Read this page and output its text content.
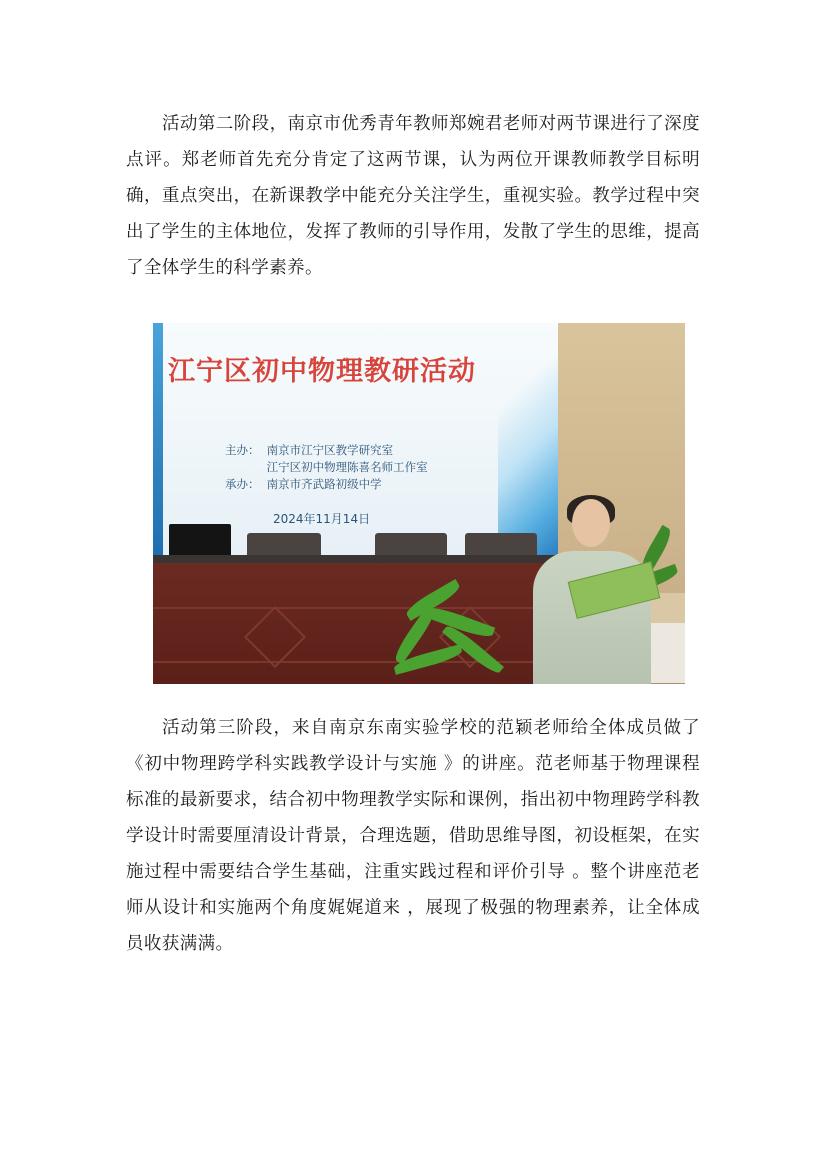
活动第二阶段，南京市优秀青年教师郑婉君老师对两节课进行了深度点评。郑老师首先充分肯定了这两节课，认为两位开课教师教学目标明确，重点突出，在新课教学中能充分关注学生，重视实验。教学过程中突出了学生的主体地位，发挥了教师的引导作用，发散了学生的思维，提高了全体学生的科学素养。

江宁区初中物理教研活动
主办： 南京市江宁区教学研究室
江宁区初中物理陈喜名师工作室
承办： 南京市齐武路初级中学
2024年11月14日

活动第三阶段，来自南京东南实验学校的范颖老师给全体成员做了《初中物理跨学科实践教学设计与实施 》的讲座。范老师基于物理课程标准的最新要求，结合初中物理教学实际和课例，指出初中物理跨学科教学设计时需要厘清设计背景，合理选题，借助思维导图，初设框架，在实施过程中需要结合学生基础，注重实践过程和评价引导 。整个讲座范老师从设计和实施两个角度娓娓道来 ，展现了极强的物理素养，让全体成员收获满满。
